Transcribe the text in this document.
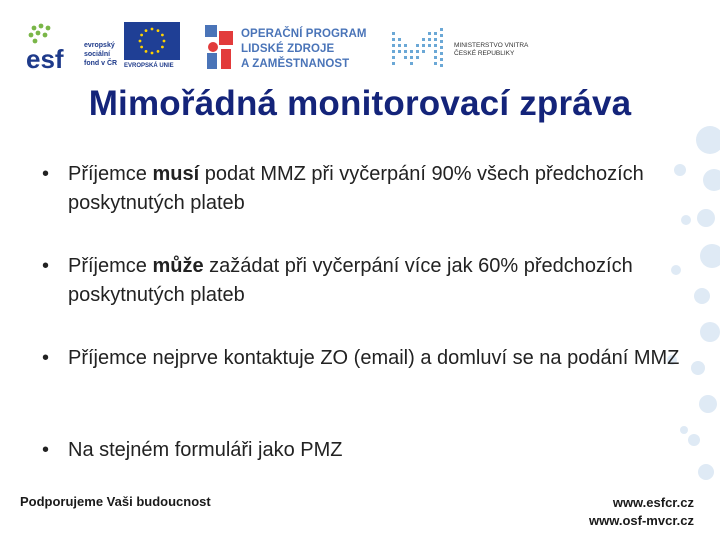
esf	evropský
sociální
fond v ČR	EVROPSKÁ UNIE
OPERAČNÍ PROGRAM
LIDSKÉ ZDROJE
A ZAMĚSTNANOST
MINISTERSTVO VNITRA
ČESKÉ REPUBLIKY
Mimořádná monitorovací zpráva
• Příjemce musí podat MMZ při vyčerpání 90% všech předchozích poskytnutých plateb
• Příjemce může zažádat při vyčerpání více jak 60% předchozích poskytnutých plateb
• Příjemce nejprve kontaktuje ZO (email) a domluví se na podání MMZ
• Na stejném formuláři jako PMZ
Podporujeme Vaši budoucnost	www.esfcr.cz
www.osf-mvcr.cz
